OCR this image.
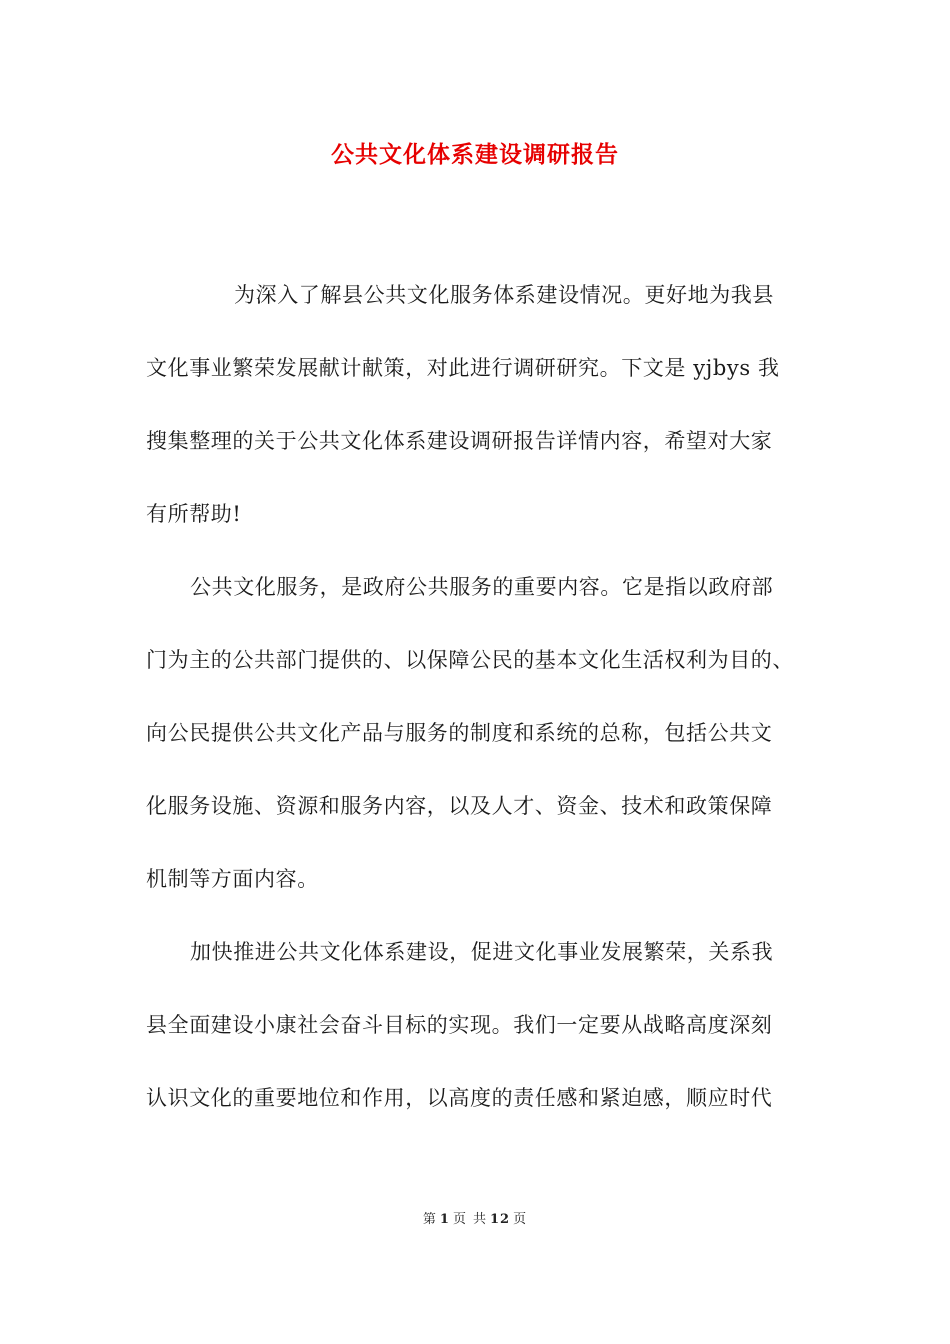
公共文化体系建设调研报告
为深入了解县公共文化服务体系建设情况。更好地为我县
文化事业繁荣发展献计献策，对此进行调研研究。下文是 yjbys 我
搜集整理的关于公共文化体系建设调研报告详情内容，希望对大家
有所帮助!
公共文化服务，是政府公共服务的重要内容。它是指以政府部
门为主的公共部门提供的、以保障公民的基本文化生活权利为目的、
向公民提供公共文化产品与服务的制度和系统的总称，包括公共文
化服务设施、资源和服务内容，以及人才、资金、技术和政策保障
机制等方面内容。
加快推进公共文化体系建设，促进文化事业发展繁荣，关系我
县全面建设小康社会奋斗目标的实现。我们一定要从战略高度深刻
认识文化的重要地位和作用，以高度的责任感和紧迫感，顺应时代
第 1 页 共 12 页
